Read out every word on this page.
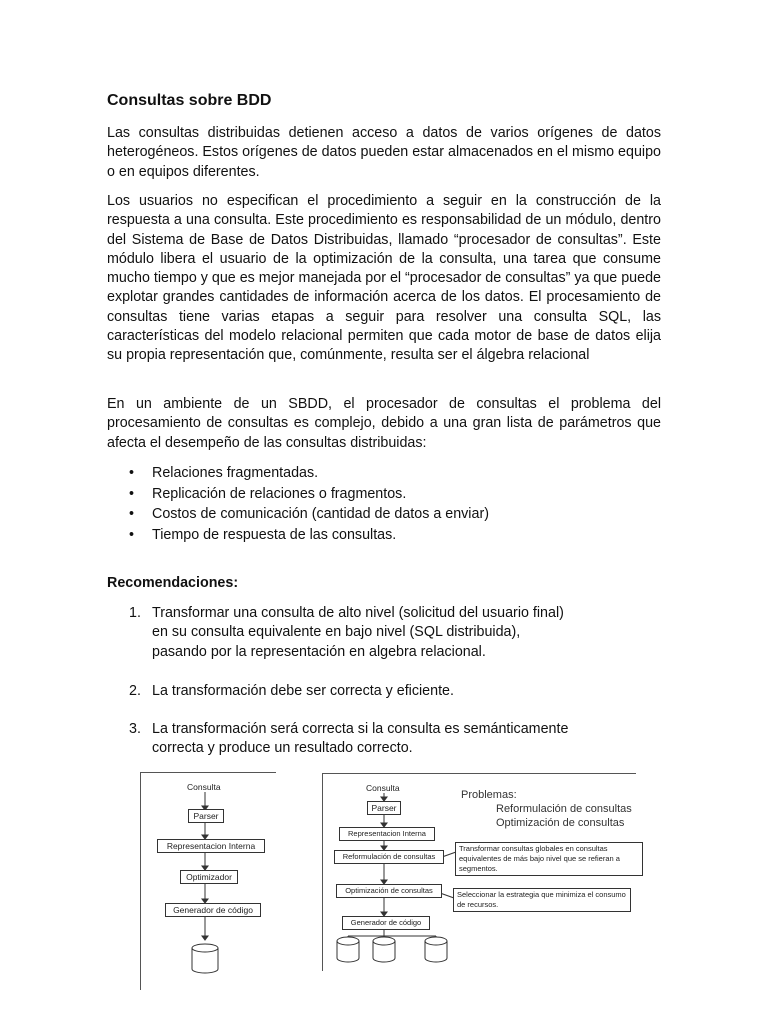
Consultas sobre BDD

Las consultas distribuidas detienen acceso a datos de varios orígenes de datos heterogéneos. Estos orígenes de datos pueden estar almacenados en el mismo equipo o en equipos diferentes.

Los usuarios no especifican el procedimiento a seguir en la construcción de la respuesta a una consulta. Este procedimiento es responsabilidad de un módulo, dentro del Sistema de Base de Datos Distribuidas, llamado “procesador de consultas”. Este módulo libera el usuario de la optimización de la consulta, una tarea que consume mucho tiempo y que es mejor manejada por el “procesador de consultas” ya que puede explotar grandes cantidades de información acerca de los datos. El procesamiento de consultas tiene varias etapas a seguir para resolver una consulta SQL, las características del modelo relacional permiten que cada motor de base de datos elija su propia representación que, comúnmente, resulta ser el álgebra relacional

En un ambiente de un SBDD, el procesador de consultas el problema del procesamiento de consultas es complejo, debido a una gran lista de parámetros que afecta el desempeño de las consultas distribuidas:

• Relaciones fragmentadas.
• Replicación de relaciones o fragmentos.
• Costos de comunicación (cantidad de datos a enviar)
• Tiempo de respuesta de las consultas.
Recomendaciones:
1. Transformar una consulta de alto nivel (solicitud del usuario final)
en su consulta equivalente en bajo nivel (SQL distribuida),
pasando por la representación en algebra relacional.
2. La transformación debe ser correcta y eficiente.
3. La transformación será correcta si la consulta es semánticamente
correcta y produce un resultado correcto.
Consulta
Parser
Representacion Interna
Optimizador
Generador de código
Consulta
Parser
Representacion Interna
Reformulación de consultas
Optimización de consultas
Generador de código
Problemas:
Reformulación de consultas
Optimización de consultas
Transformar consultas globales en consultas equivalentes de más bajo nivel que se refieran a segmentos.
Seleccionar la estrategia que minimiza el consumo de recursos.
